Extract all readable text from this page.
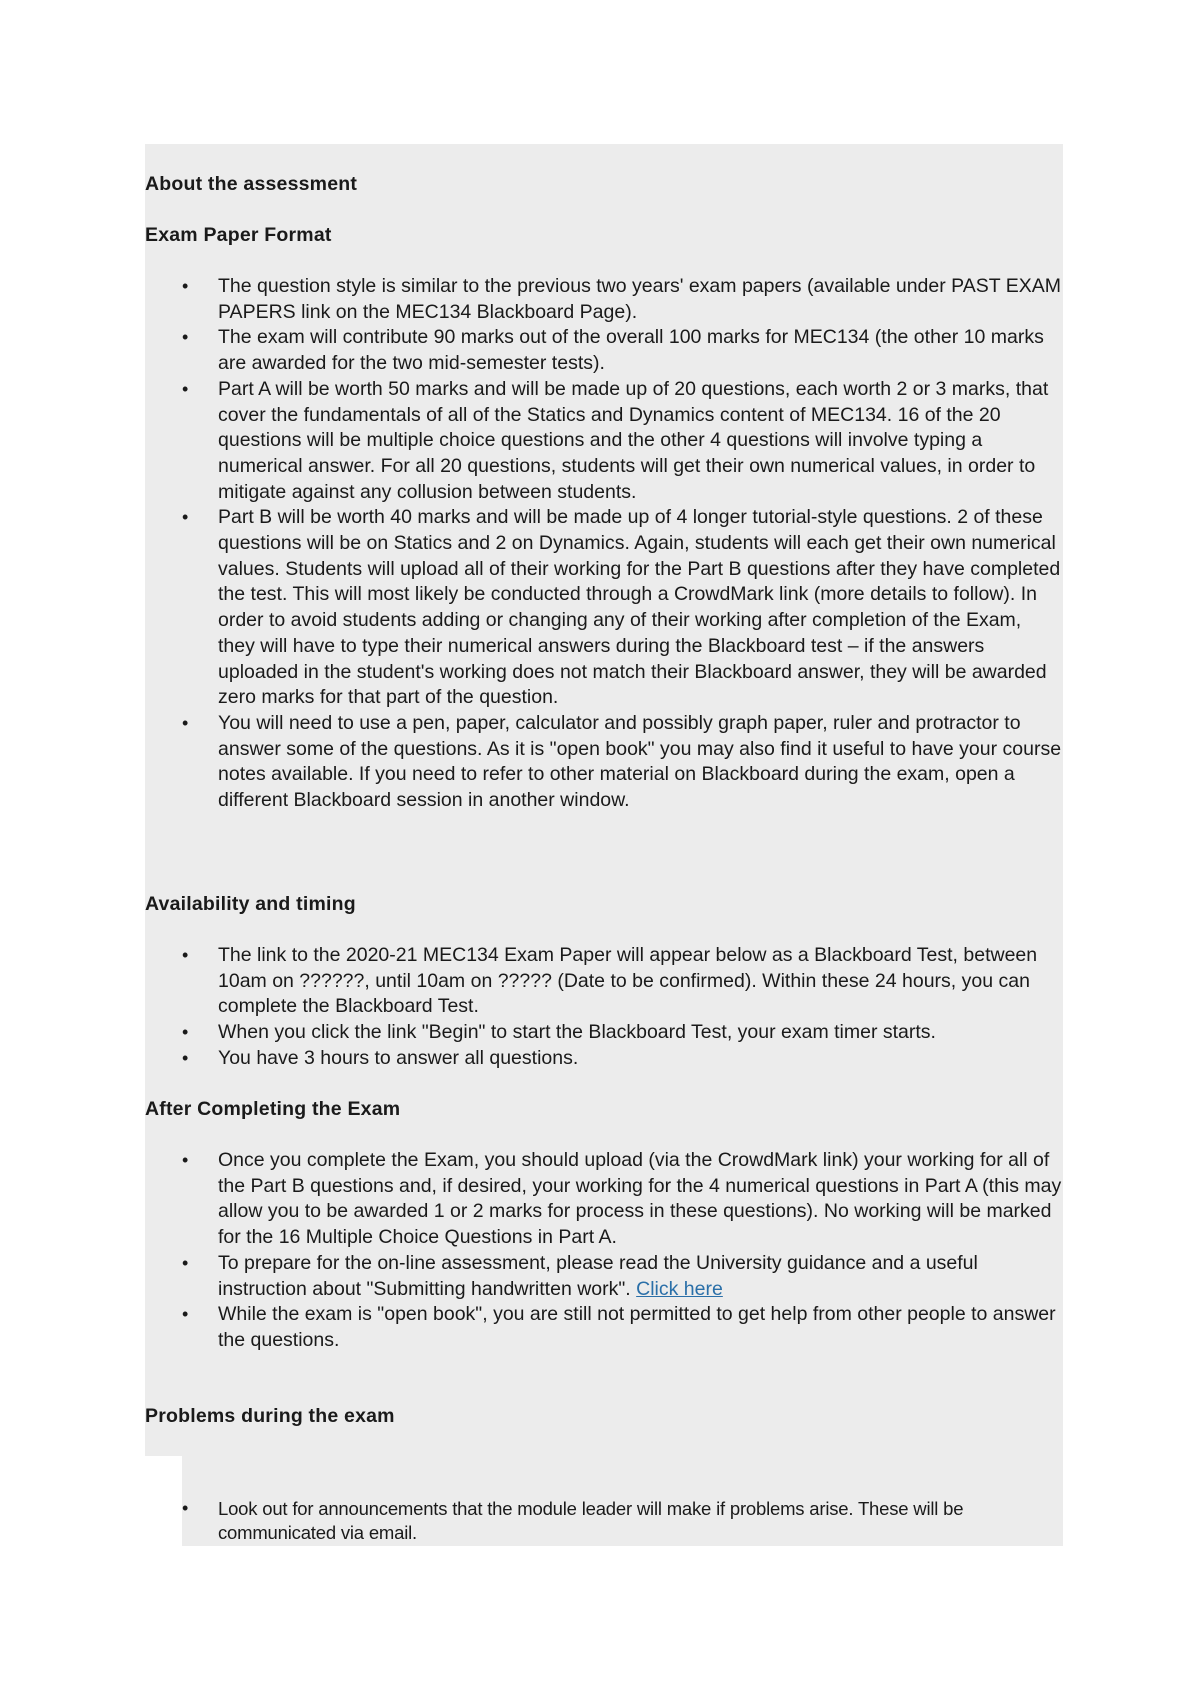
About the assessment
Exam Paper Format
• The question style is similar to the previous two years' exam papers (available under PAST EXAM PAPERS link on the MEC134 Blackboard Page).
• The exam will contribute 90 marks out of the overall 100 marks for MEC134 (the other 10 marks are awarded for the two mid-semester tests).
• Part A will be worth 50 marks and will be made up of 20 questions, each worth 2 or 3 marks, that cover the fundamentals of all of the Statics and Dynamics content of MEC134. 16 of the 20 questions will be multiple choice questions and the other 4 questions will involve typing a numerical answer. For all 20 questions, students will get their own numerical values, in order to mitigate against any collusion between students.
• Part B will be worth 40 marks and will be made up of 4 longer tutorial-style questions. 2 of these questions will be on Statics and 2 on Dynamics. Again, students will each get their own numerical values. Students will upload all of their working for the Part B questions after they have completed the test. This will most likely be conducted through a CrowdMark link (more details to follow). In order to avoid students adding or changing any of their working after completion of the Exam, they will have to type their numerical answers during the Blackboard test – if the answers uploaded in the student's working does not match their Blackboard answer, they will be awarded zero marks for that part of the question.
• You will need to use a pen, paper, calculator and possibly graph paper, ruler and protractor to answer some of the questions. As it is "open book" you may also find it useful to have your course notes available. If you need to refer to other material on Blackboard during the exam, open a different Blackboard session in another window.
Availability and timing
• The link to the 2020-21 MEC134 Exam Paper will appear below as a Blackboard Test, between 10am on ??????, until 10am on ????? (Date to be confirmed). Within these 24 hours, you can complete the Blackboard Test.
• When you click the link "Begin" to start the Blackboard Test, your exam timer starts.
• You have 3 hours to answer all questions.
After Completing the Exam
• Once you complete the Exam, you should upload (via the CrowdMark link) your working for all of the Part B questions and, if desired, your working for the 4 numerical questions in Part A (this may allow you to be awarded 1 or 2 marks for process in these questions). No working will be marked for the 16 Multiple Choice Questions in Part A.
• To prepare for the on-line assessment, please read the University guidance and a useful instruction about "Submitting handwritten work". Click here
• While the exam is "open book", you are still not permitted to get help from other people to answer the questions.
Problems during the exam
• Look out for announcements that the module leader will make if problems arise. These will be communicated via email.
